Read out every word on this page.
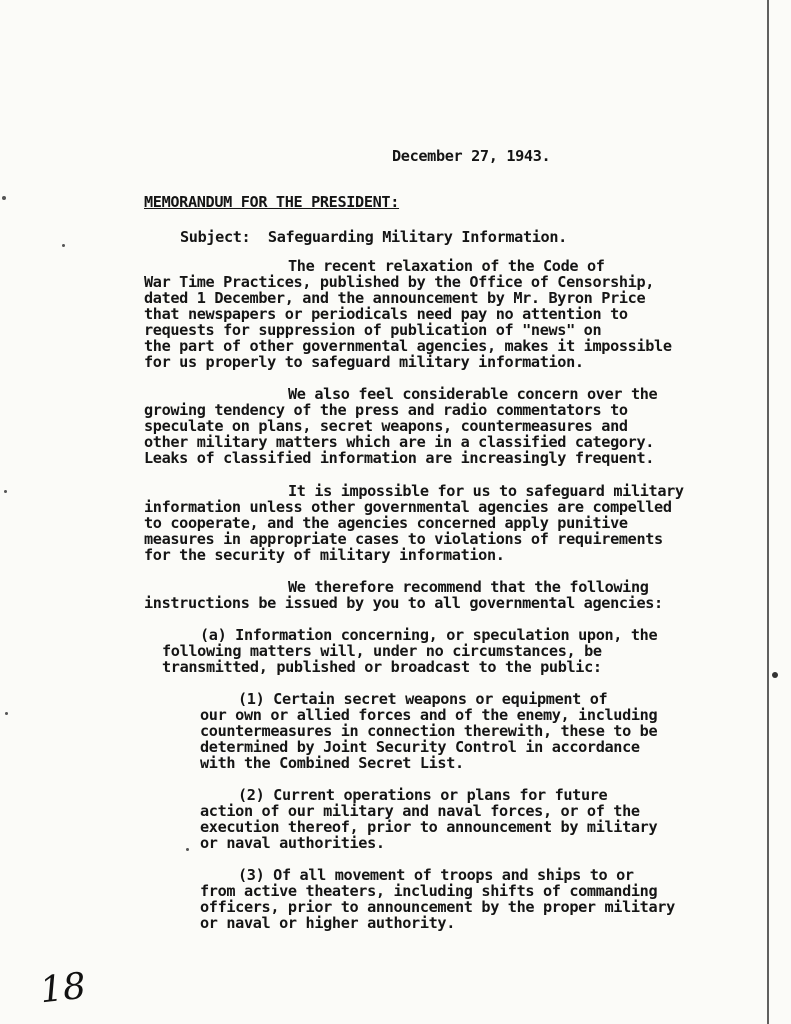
December 27, 1943.
MEMORANDUM FOR THE PRESIDENT:
Subject:  Safeguarding Military Information.
The recent relaxation of the Code of
War Time Practices, published by the Office of Censorship,
dated 1 December, and the announcement by Mr. Byron Price
that newspapers or periodicals need pay no attention to
requests for suppression of publication of "news" on
the part of other governmental agencies, makes it impossible
for us properly to safeguard military information.
We also feel considerable concern over the
growing tendency of the press and radio commentators to
speculate on plans, secret weapons, countermeasures and
other military matters which are in a classified category.
Leaks of classified information are increasingly frequent.
It is impossible for us to safeguard military
information unless other governmental agencies are compelled
to cooperate, and the agencies concerned apply punitive
measures in appropriate cases to violations of requirements
for the security of military information.
We therefore recommend that the following
instructions be issued by you to all governmental agencies:
(a) Information concerning, or speculation upon, the
following matters will, under no circumstances, be
transmitted, published or broadcast to the public:
(1) Certain secret weapons or equipment of
our own or allied forces and of the enemy, including
countermeasures in connection therewith, these to be
determined by Joint Security Control in accordance
with the Combined Secret List.
(2) Current operations or plans for future
action of our military and naval forces, or of the
execution thereof, prior to announcement by military
or naval authorities.
(3) Of all movement of troops and ships to or
from active theaters, including shifts of commanding
officers, prior to announcement by the proper military
or naval or higher authority.
18
